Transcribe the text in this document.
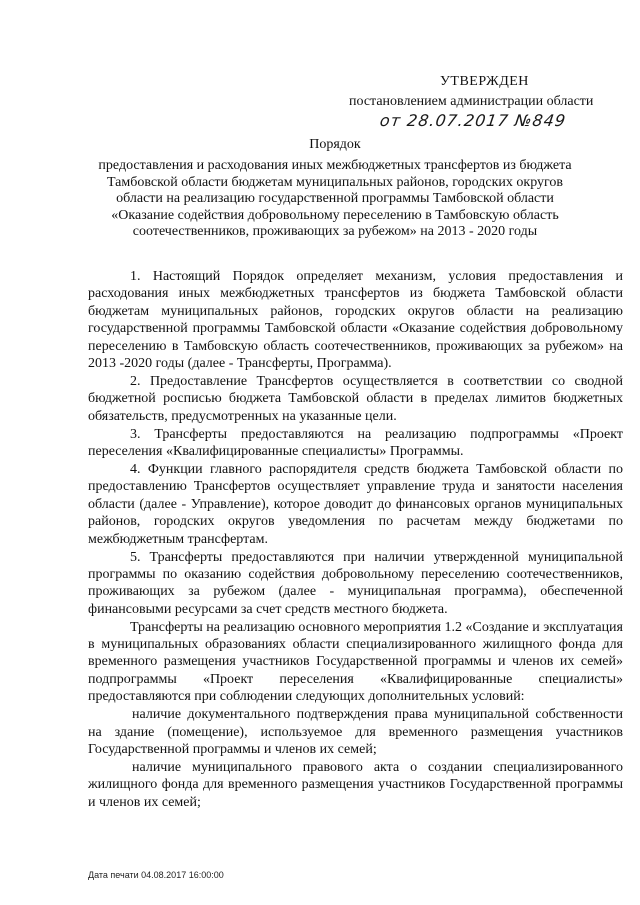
УТВЕРЖДЕН
постановлением администрации области
от 28.07.2017 №849
Порядок
предоставления и расходования иных межбюджетных трансфертов из бюджета Тамбовской области бюджетам муниципальных районов, городских округов области на реализацию государственной программы Тамбовской области «Оказание содействия добровольному переселению в Тамбовскую область соотечественников, проживающих за рубежом» на 2013 - 2020 годы

1. Настоящий Порядок определяет механизм, условия предоставления и расходования иных межбюджетных трансфертов из бюджета Тамбовской области бюджетам муниципальных районов, городских округов области на реализацию государственной программы Тамбовской области «Оказание содействия добровольному переселению в Тамбовскую область соотечественников, проживающих за рубежом» на 2013 -2020 годы (далее - Трансферты, Программа).

2. Предоставление Трансфертов осуществляется в соответствии со сводной бюджетной росписью бюджета Тамбовской области в пределах лимитов бюджетных обязательств, предусмотренных на указанные цели.

3. Трансферты предоставляются на реализацию подпрограммы «Проект переселения «Квалифицированные специалисты» Программы.

4. Функции главного распорядителя средств бюджета Тамбовской области по предоставлению Трансфертов осуществляет управление труда и занятости населения области (далее - Управление), которое доводит до финансовых органов муниципальных районов, городских округов уведомления по расчетам между бюджетами по межбюджетным трансфертам.

5. Трансферты предоставляются при наличии утвержденной муниципальной программы по оказанию содействия добровольному переселению соотечественников, проживающих за рубежом (далее - муниципальная программа), обеспеченной финансовыми ресурсами за счет средств местного бюджета.

Трансферты на реализацию основного мероприятия 1.2 «Создание и эксплуатация в муниципальных образованиях области специализированного жилищного фонда для временного размещения участников Государственной программы и членов их семей» подпрограммы «Проект переселения «Квалифицированные специалисты» предоставляются при соблюдении следующих дополнительных условий:

наличие документального подтверждения права муниципальной собственности на здание (помещение), используемое для временного размещения участников Государственной программы и членов их семей;

наличие муниципального правового акта о создании специализированного жилищного фонда для временного размещения участников Государственной программы и членов их семей;

Дата печати 04.08.2017 16:00:00
